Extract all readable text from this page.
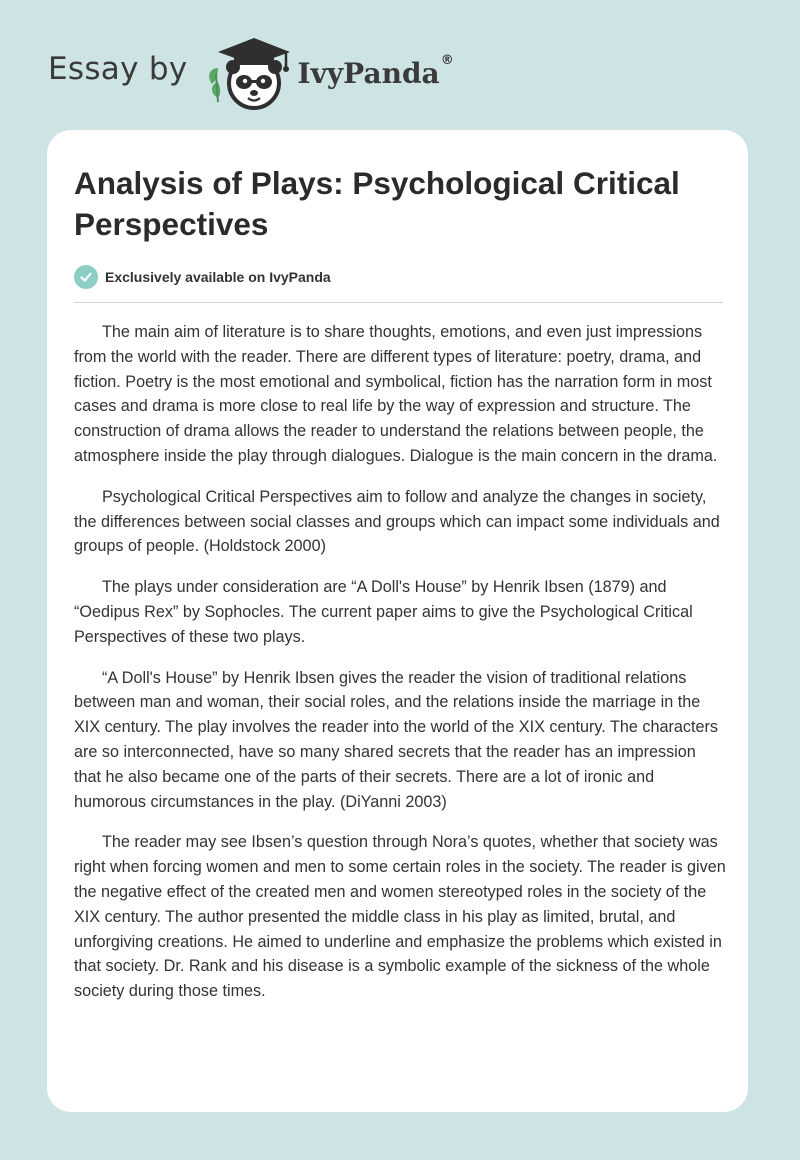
Essay by	IvyPanda ®
Analysis of Plays: Psychological Critical Perspectives
Exclusively available on IvyPanda

The main aim of literature is to share thoughts, emotions, and even just impressions from the world with the reader. There are different types of literature: poetry, drama, and fiction. Poetry is the most emotional and symbolical, fiction has the narration form in most cases and drama is more close to real life by the way of expression and structure. The construction of drama allows the reader to understand the relations between people, the atmosphere inside the play through dialogues. Dialogue is the main concern in the drama.

Psychological Critical Perspectives aim to follow and analyze the changes in society, the differences between social classes and groups which can impact some individuals and groups of people. (Holdstock 2000)

The plays under consideration are “A Doll's House” by Henrik Ibsen (1879) and “Oedipus Rex” by Sophocles. The current paper aims to give the Psychological Critical Perspectives of these two plays.

“A Doll's House” by Henrik Ibsen gives the reader the vision of traditional relations between man and woman, their social roles, and the relations inside the marriage in the XIX century. The play involves the reader into the world of the XIX century. The characters are so interconnected, have so many shared secrets that the reader has an impression that he also became one of the parts of their secrets. There are a lot of ironic and humorous circumstances in the play. (DiYanni 2003)

The reader may see Ibsen’s question through Nora’s quotes, whether that society was right when forcing women and men to some certain roles in the society. The reader is given the negative effect of the created men and women stereotyped roles in the society of the XIX century. The author presented the middle class in his play as limited, brutal, and unforgiving creations. He aimed to underline and emphasize the problems which existed in that society. Dr. Rank and his disease is a symbolic example of the sickness of the whole society during those times.
